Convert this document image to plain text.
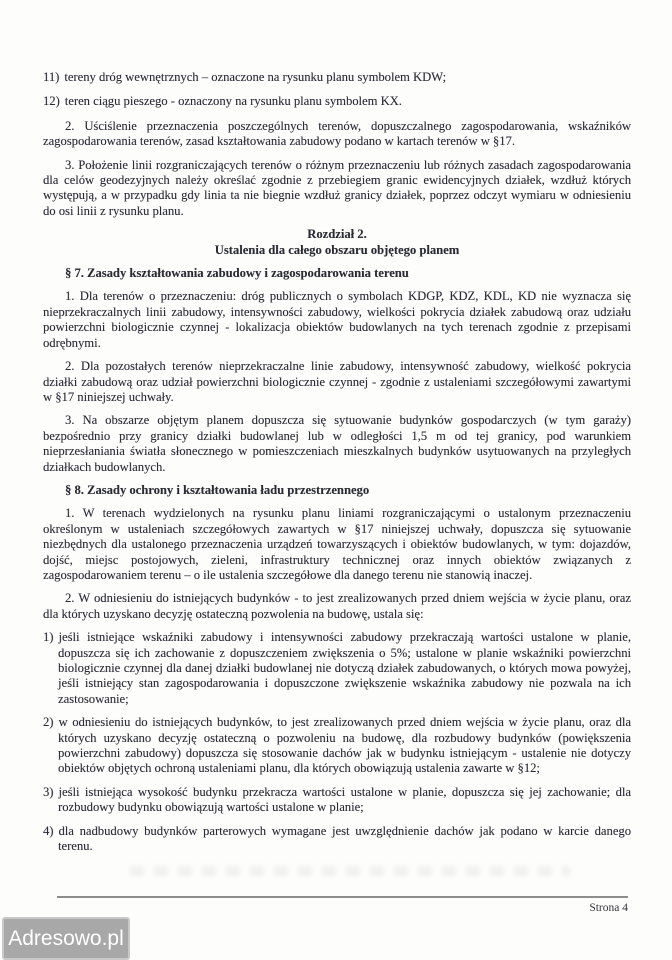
11) tereny dróg wewnętrznych – oznaczone na rysunku planu symbolem KDW;
12) teren ciągu pieszego - oznaczony na rysunku planu symbolem KX.

2. Uściślenie przeznaczenia poszczególnych terenów, dopuszczalnego zagospodarowania, wskaźników zagospodarowania terenów, zasad kształtowania zabudowy podano w kartach terenów w §17.

3. Położenie linii rozgraniczających terenów o różnym przeznaczeniu lub różnych zasadach zagospodarowania dla celów geodezyjnych należy określać zgodnie z przebiegiem granic ewidencyjnych działek, wzdłuż których występują, a w przypadku gdy linia ta nie biegnie wzdłuż granicy działek, poprzez odczyt wymiaru w odniesieniu do osi linii z rysunku planu.

Rozdział 2.
Ustalenia dla całego obszaru objętego planem

§ 7. Zasady kształtowania zabudowy i zagospodarowania terenu

1. Dla terenów o przeznaczeniu: dróg publicznych o symbolach KDGP, KDZ, KDL, KD nie wyznacza się nieprzekraczalnych linii zabudowy, intensywności zabudowy, wielkości pokrycia działek zabudową oraz udziału powierzchni biologicznie czynnej - lokalizacja obiektów budowlanych na tych terenach zgodnie z przepisami odrębnymi.

2. Dla pozostałych terenów nieprzekraczalne linie zabudowy, intensywność zabudowy, wielkość pokrycia działki zabudową oraz udział powierzchni biologicznie czynnej - zgodnie z ustaleniami szczegółowymi zawartymi w §17 niniejszej uchwały.

3. Na obszarze objętym planem dopuszcza się sytuowanie budynków gospodarczych (w tym garaży) bezpośrednio przy granicy działki budowlanej lub w odległości 1,5 m od tej granicy, pod warunkiem nieprzesłaniania światła słonecznego w pomieszczeniach mieszkalnych budynków usytuowanych na przyległych działkach budowlanych.

§ 8. Zasady ochrony i kształtowania ładu przestrzennego

1. W terenach wydzielonych na rysunku planu liniami rozgraniczającymi o ustalonym przeznaczeniu określonym w ustaleniach szczegółowych zawartych w §17 niniejszej uchwały, dopuszcza się sytuowanie niezbędnych dla ustalonego przeznaczenia urządzeń towarzyszących i obiektów budowlanych, w tym: dojazdów, dojść, miejsc postojowych, zieleni, infrastruktury technicznej oraz innych obiektów związanych z zagospodarowaniem terenu – o ile ustalenia szczegółowe dla danego terenu nie stanowią inaczej.

2. W odniesieniu do istniejących budynków - to jest zrealizowanych przed dniem wejścia w życie planu, oraz dla których uzyskano decyzję ostateczną pozwolenia na budowę, ustala się:

1) jeśli istniejące wskaźniki zabudowy i intensywności zabudowy przekraczają wartości ustalone w planie, dopuszcza się ich zachowanie z dopuszczeniem zwiększenia o 5%; ustalone w planie wskaźniki powierzchni biologicznie czynnej dla danej działki budowlanej nie dotyczą działek zabudowanych, o których mowa powyżej, jeśli istniejący stan zagospodarowania i dopuszczone zwiększenie wskaźnika zabudowy nie pozwala na ich zastosowanie;
2) w odniesieniu do istniejących budynków, to jest zrealizowanych przed dniem wejścia w życie planu, oraz dla których uzyskano decyzję ostateczną o pozwoleniu na budowę, dla rozbudowy budynków (powiększenia powierzchni zabudowy) dopuszcza się stosowanie dachów jak w budynku istniejącym - ustalenie nie dotyczy obiektów objętych ochroną ustaleniami planu, dla których obowiązują ustalenia zawarte w §12;
3) jeśli istniejąca wysokość budynku przekracza wartości ustalone w planie, dopuszcza się jej zachowanie; dla rozbudowy budynku obowiązują wartości ustalone w planie;
4) dla nadbudowy budynków parterowych wymagane jest uwzględnienie dachów jak podano w karcie danego terenu.
Strona 4
Adresowo.pl
